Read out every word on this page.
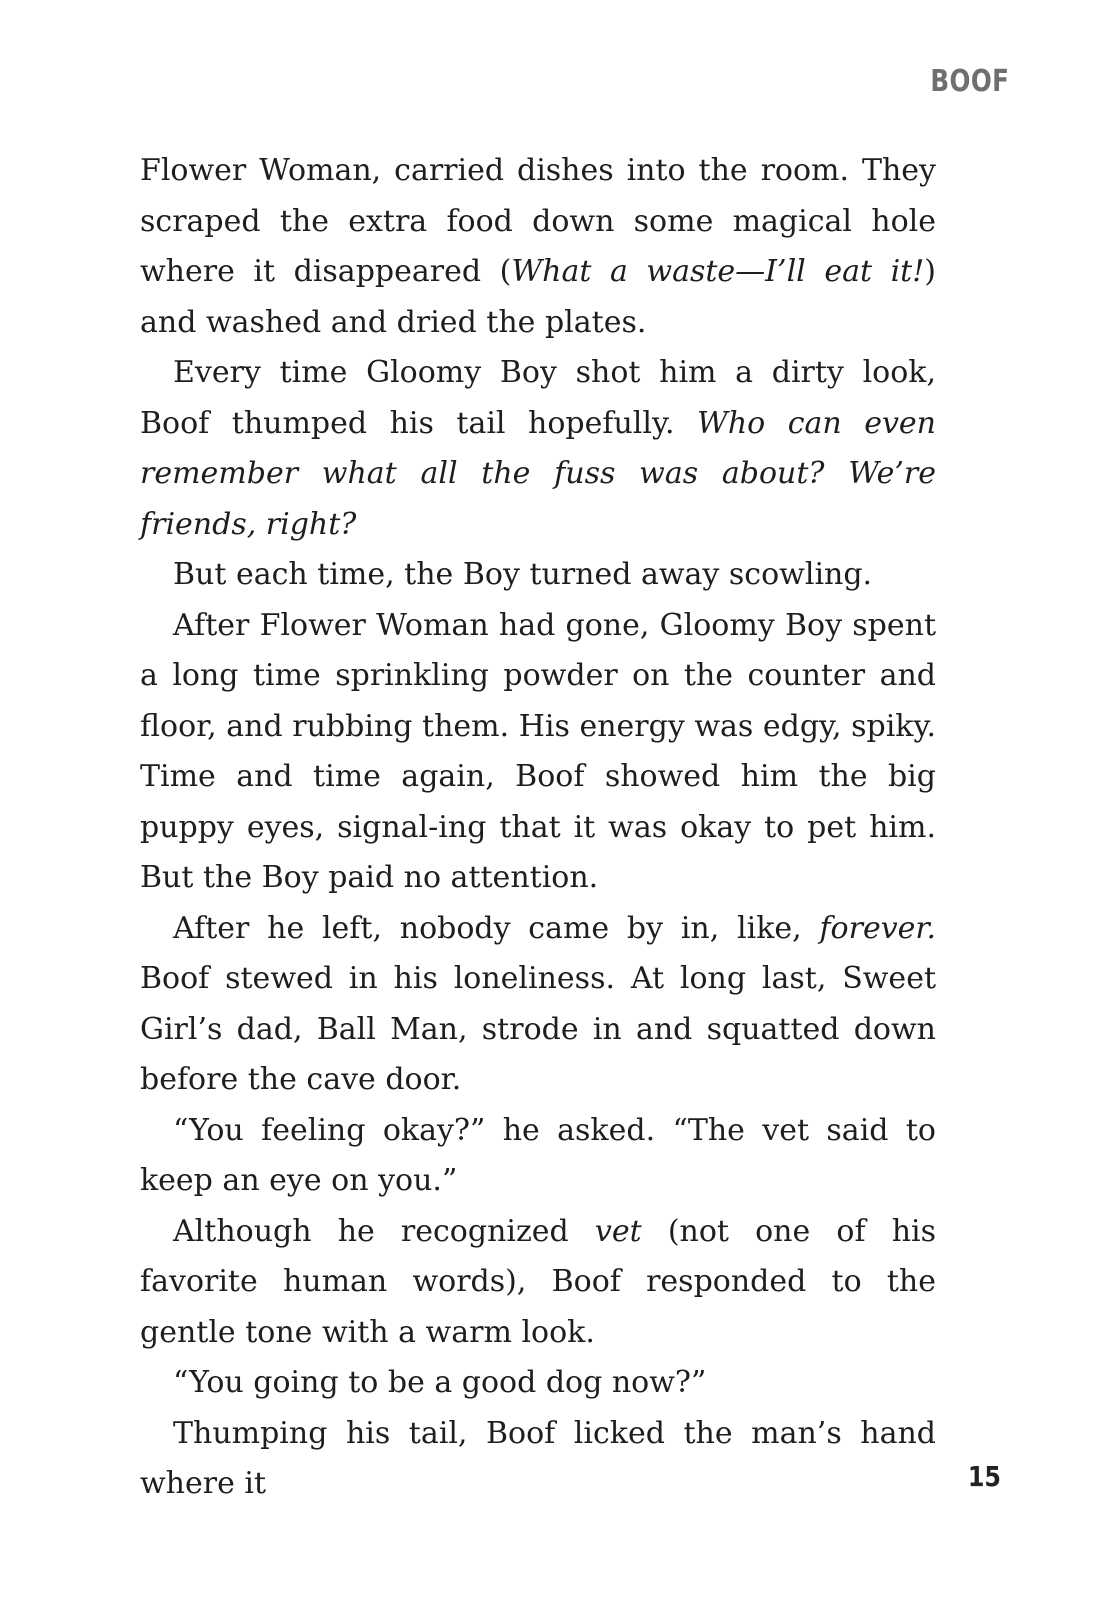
BOOF

Flower Woman, carried dishes into the room. They scraped the extra food down some magical hole where it disappeared (What a waste—I’ll eat it!) and washed and dried the plates.

Every time Gloomy Boy shot him a dirty look, Boof thumped his tail hopefully. Who can even remember what all the fuss was about? We’re friends, right?

But each time, the Boy turned away scowling.

After Flower Woman had gone, Gloomy Boy spent a long time sprinkling powder on the counter and floor, and rubbing them. His energy was edgy, spiky. Time and time again, Boof showed him the big puppy eyes, signal-ing that it was okay to pet him. But the Boy paid no attention.

After he left, nobody came by in, like, forever. Boof stewed in his loneliness. At long last, Sweet Girl’s dad, Ball Man, strode in and squatted down before the cave door.

“You feeling okay?” he asked. “The vet said to keep an eye on you.”

Although he recognized vet (not one of his favorite human words), Boof responded to the gentle tone with a warm look.

“You going to be a good dog now?”

Thumping his tail, Boof licked the man’s hand where it	15
